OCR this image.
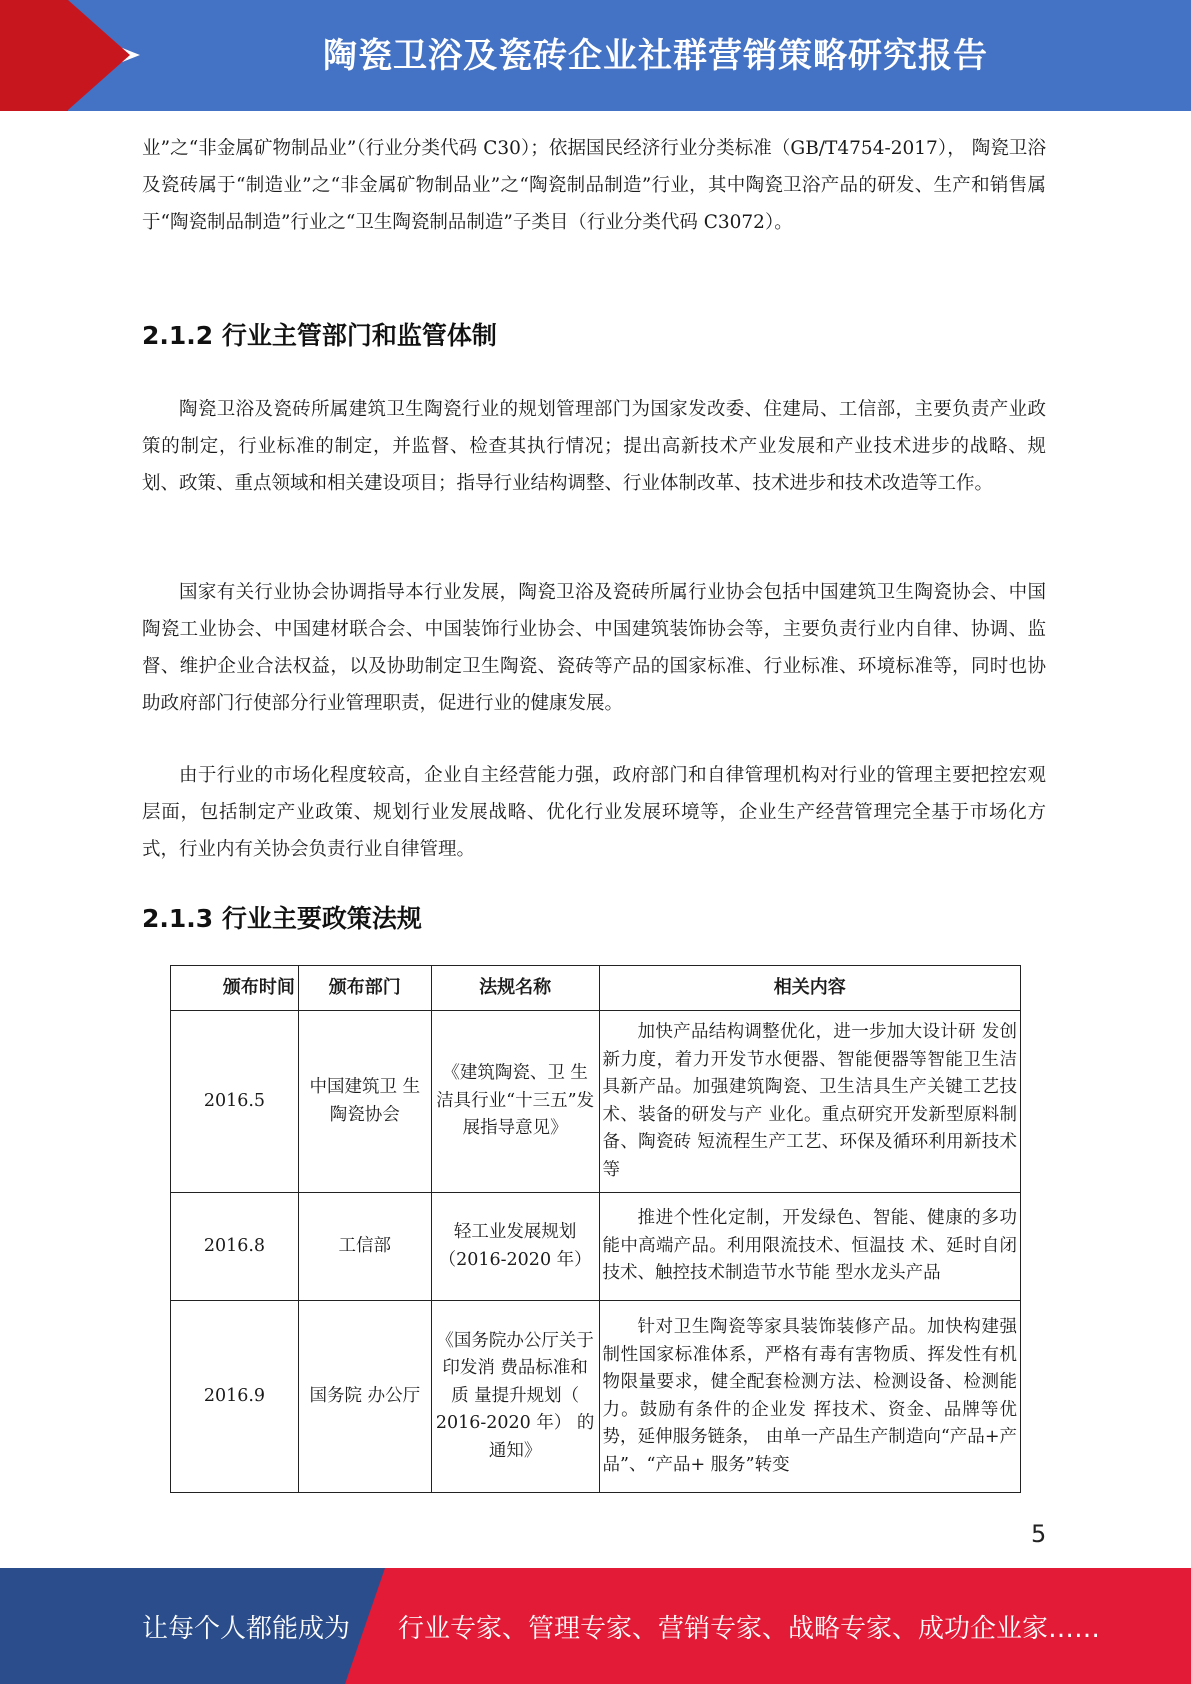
陶瓷卫浴及瓷砖企业社群营销策略研究报告

业”之“非金属矿物制品业”（行业分类代码 C30）；依据国民经济行业分类标准（GB/T4754-2017）， 陶瓷卫浴及瓷砖属于“制造业”之“非金属矿物制品业”之“陶瓷制品制造”行业，其中陶瓷卫浴产品的研发、生产和销售属于“陶瓷制品制造”行业之“卫生陶瓷制品制造”子类目（行业分类代码 C3072）。

2.1.2 行业主管部门和监管体制

陶瓷卫浴及瓷砖所属建筑卫生陶瓷行业的规划管理部门为国家发改委、住建局、工信部，主要负责产业政策的制定，行业标准的制定，并监督、检查其执行情况；提出高新技术产业发展和产业技术进步的战略、规划、政策、重点领域和相关建设项目；指导行业结构调整、行业体制改革、技术进步和技术改造等工作。

国家有关行业协会协调指导本行业发展，陶瓷卫浴及瓷砖所属行业协会包括中国建筑卫生陶瓷协会、中国陶瓷工业协会、中国建材联合会、中国装饰行业协会、中国建筑装饰协会等，主要负责行业内自律、协调、监督、维护企业合法权益，以及协助制定卫生陶瓷、瓷砖等产品的国家标准、行业标准、环境标准等，同时也协助政府部门行使部分行业管理职责，促进行业的健康发展。

由于行业的市场化程度较高，企业自主经营能力强，政府部门和自律管理机构对行业的管理主要把控宏观层面，包括制定产业政策、规划行业发展战略、优化行业发展环境等，企业生产经营管理完全基于市场化方式，行业内有关协会负责行业自律管理。

2.1.3 行业主要政策法规
颁布时间	颁布部门	法规名称	相关内容
2016.5	中国建筑卫 生陶瓷协会	《建筑陶瓷、卫 生洁具行业“十三五”发展指导意见》	加快产品结构调整优化，进一步加大设计研 发创新力度，着力开发节水便器、智能便器等智能卫生洁具新产品。加强建筑陶瓷、卫生洁具生产关键工艺技术、装备的研发与产 业化。重点研究开发新型原料制备、陶瓷砖 短流程生产工艺、环保及循环利用新技术等
2016.8	工信部	轻工业发展规划（2016-2020 年）	推进个性化定制，开发绿色、智能、健康的多功能中高端产品。利用限流技术、恒温技 术、延时自闭技术、触控技术制造节水节能 型水龙头产品
2016.9	国务院 办公厅	《国务院办公厅关于印发消 费品标准和质 量提升规划（ 2016-2020 年） 的通知》	针对卫生陶瓷等家具装饰装修产品。加快构建强制性国家标准体系，严格有毒有害物质、挥发性有机物限量要求，健全配套检测方法、检测设备、检测能力。鼓励有条件的企业发 挥技术、资金、品牌等优势，延伸服务链条， 由单一产品生产制造向“产品+产品”、“产品+ 服务”转变
5
让每个人都能成为 行业专家、管理专家、营销专家、战略专家、成功企业家……
